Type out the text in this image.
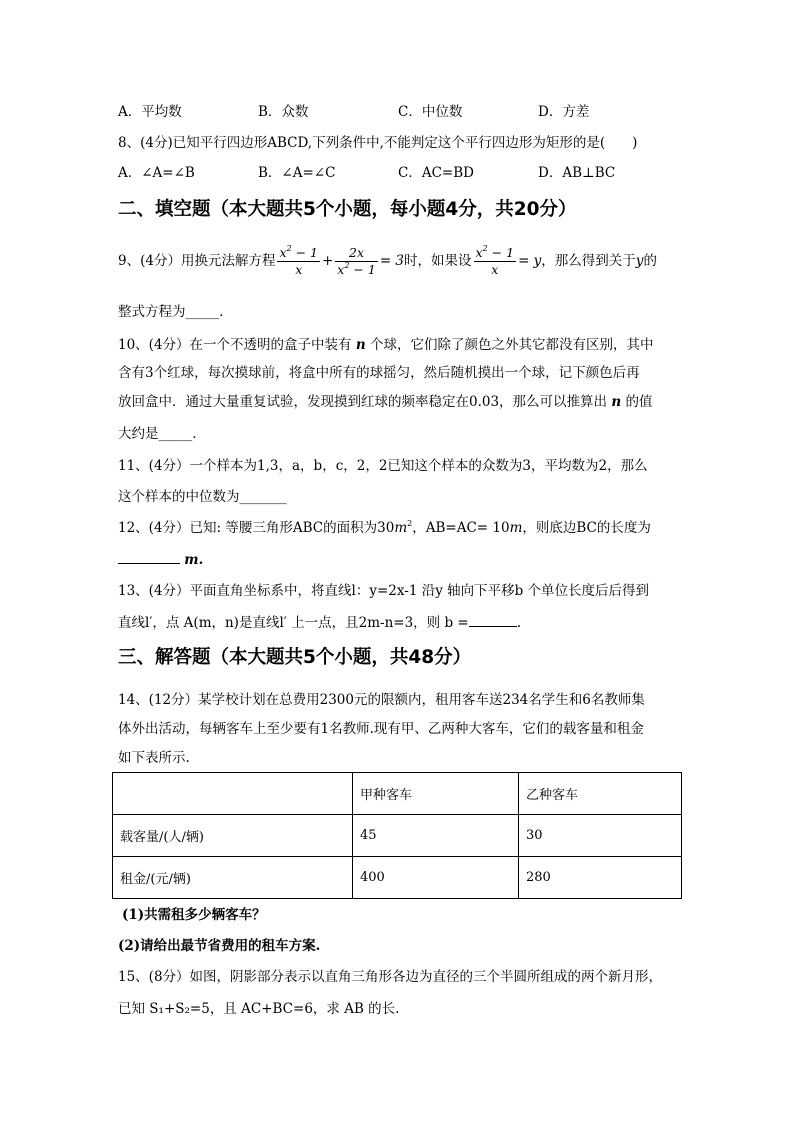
A．平均数	B．众数	C．中位数	D．方差
8、(4分)已知平行四边形ABCD,下列条件中,不能判定这个平行四边形为矩形的是(　　)
A．∠A=∠B	B．∠A=∠C	C．AC=BD	D．AB⊥BC
二、填空题（本大题共5个小题，每小题4分，共20分）
9、(4分）用换元法解方程 $\frac{x^2 - 1}{x} + \frac{2x}{x^2 - 1} = 3$时，如果设 $\frac{x^2 - 1}{x} = y$，那么得到关于y的
整式方程为_____．
10、(4分）在一个不透明的盒子中装有 n 个球，它们除了颜色之外其它都没有区别，其中
含有3个红球，每次摸球前，将盒中所有的球摇匀，然后随机摸出一个球，记下颜色后再
放回盒中．通过大量重复试验，发现摸到红球的频率稳定在0.03，那么可以推算出 n 的值
大约是_____．
11、(4分）一个样本为1,3，a，b，c，2，2已知这个样本的众数为3，平均数为2，那么
这个样本的中位数为_______
12、(4分）已知: 等腰三角形ABC的面积为$30m^2$，AB=AC= 10m，则底边BC的长度为
m.
13、(4分）平面直角坐标系中，将直线l：y=2x-1 沿y 轴向下平移b 个单位长度后后得到
直线l′，点 A(m，n)是直线l′ 上一点，且2m-n=3，则 b =	.
三、解答题（本大题共5个小题，共48分）
14、(12分）某学校计划在总费用2300元的限额内，租用客车送234名学生和6名教师集
体外出活动，每辆客车上至少要有1名教师.现有甲、乙两种大客车，它们的载客量和租金
如下表所示.
	甲种客车	乙种客车
载客量/(人/辆)	45	30
租金/(元/辆)	400	280
(1)共需租多少辆客车？
(2)请给出最节省费用的租车方案.
15、(8分）如图，阴影部分表示以直角三角形各边为直径的三个半圆所组成的两个新月形，
已知 S₁+S₂=5，且 AC+BC=6，求 AB 的长.
